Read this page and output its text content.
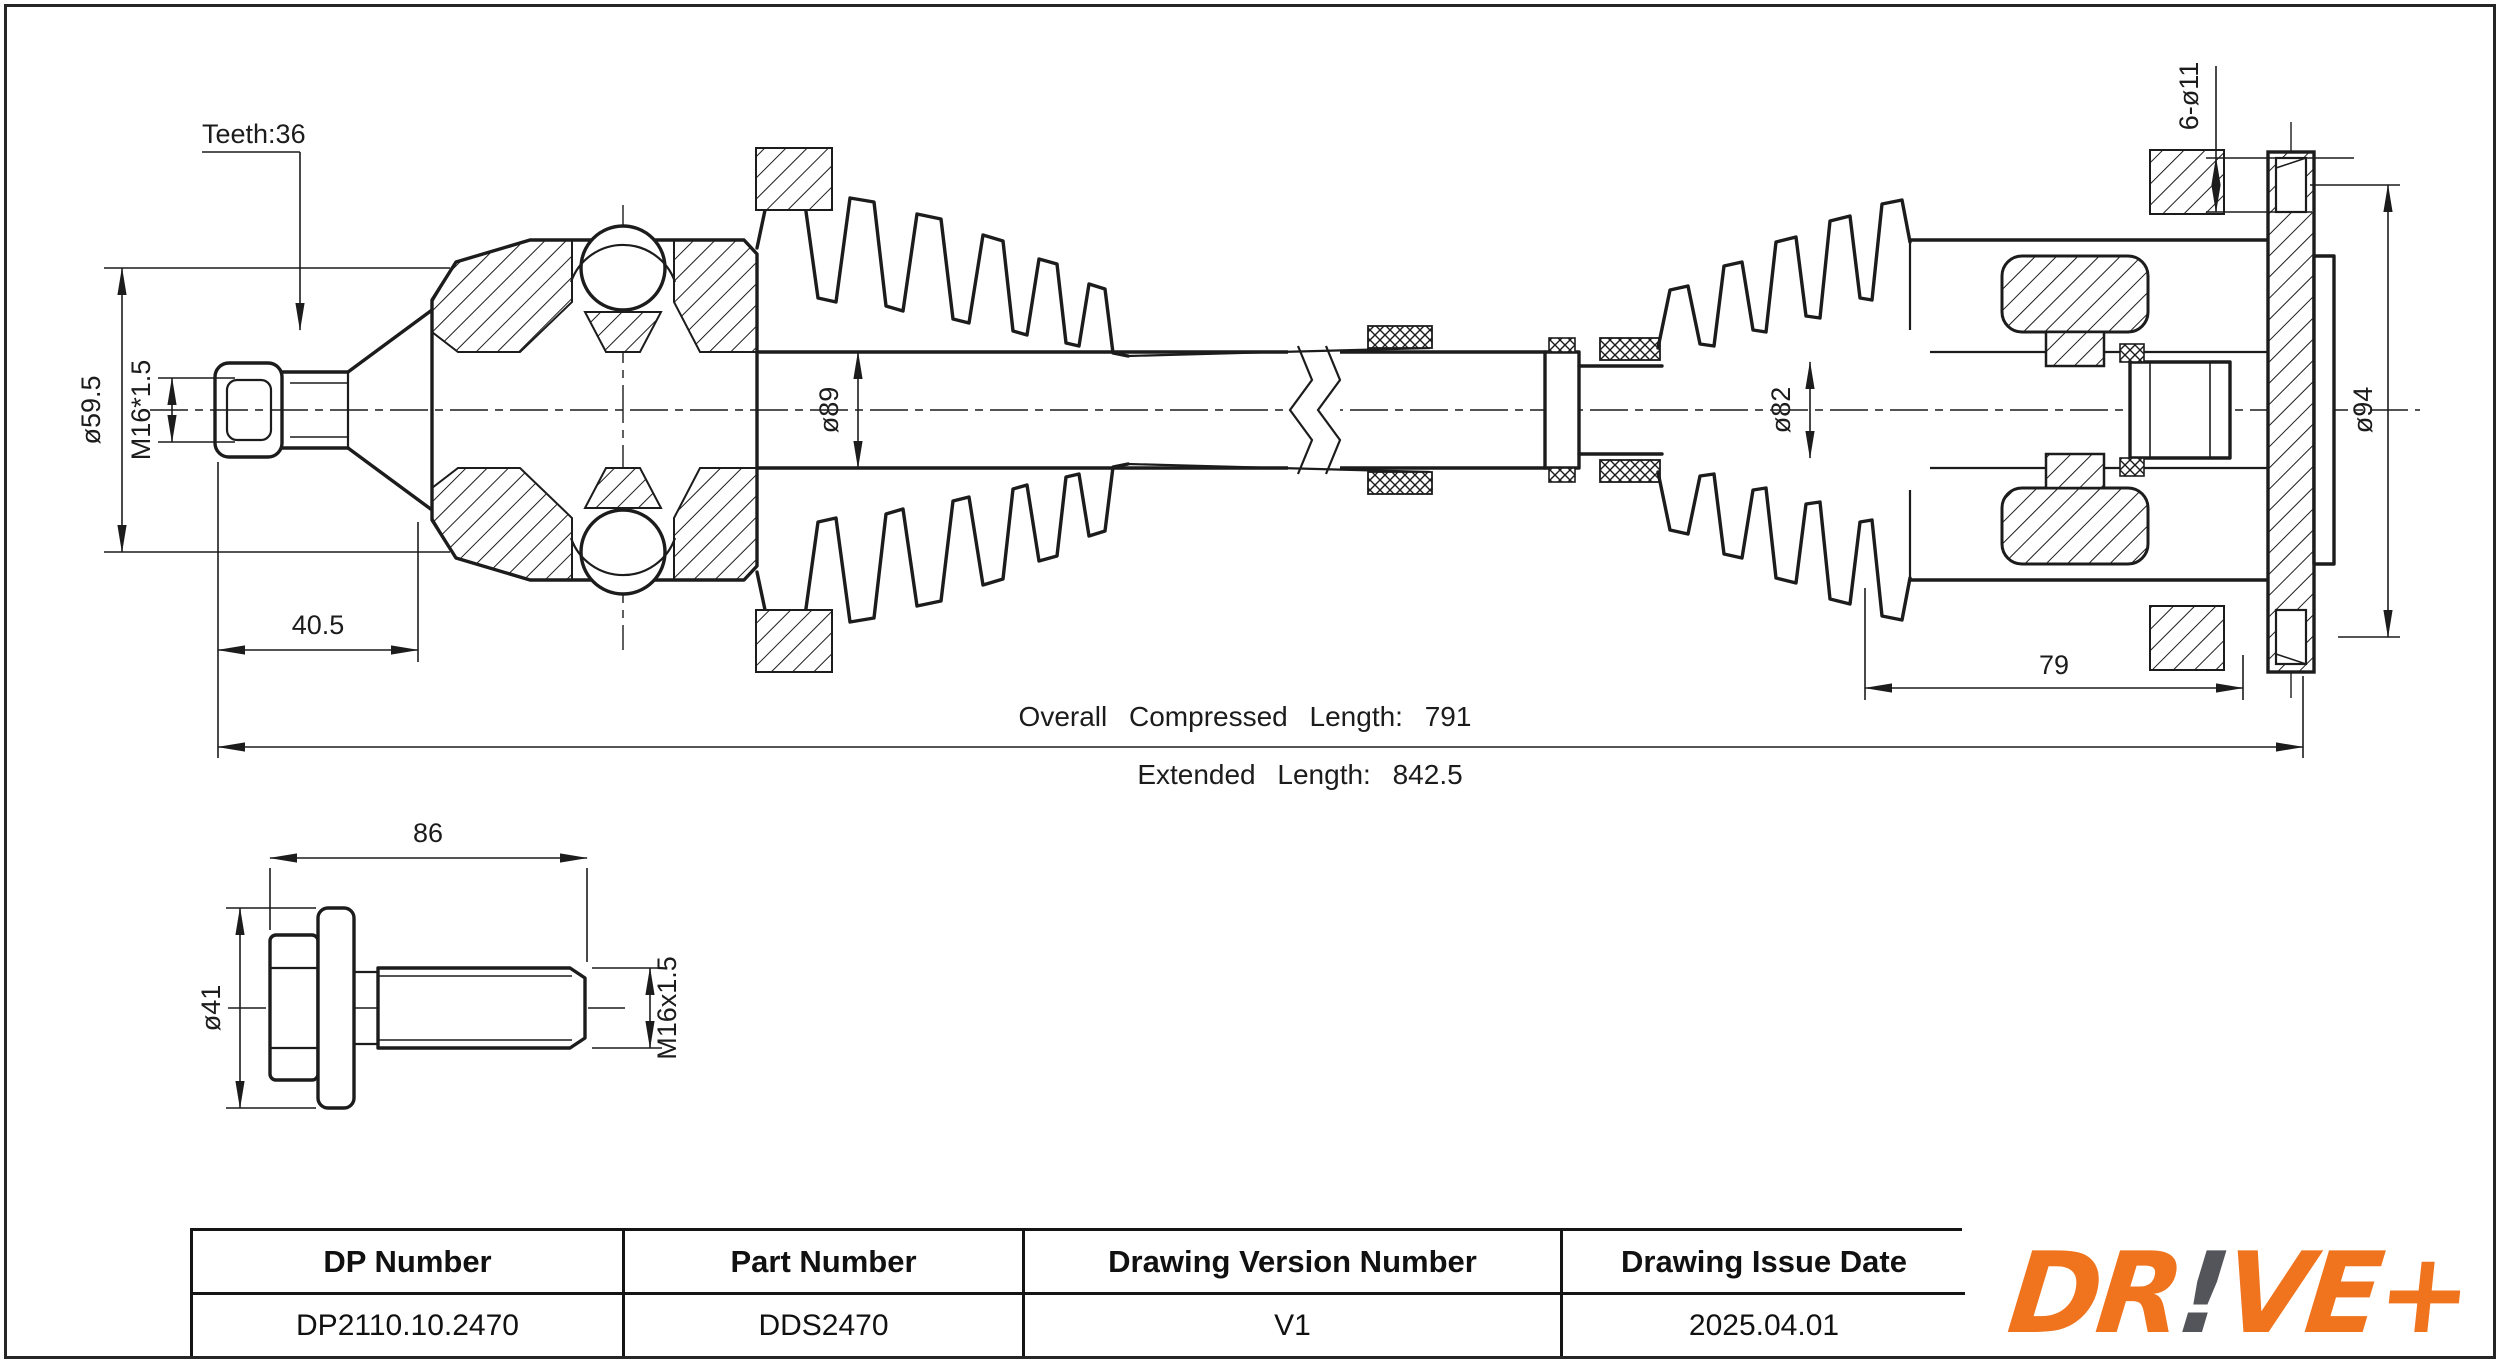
Teeth:36
ø59.5 M16*1.5
40.5
ø89	ø82
6-ø11
ø94
79
Overall Compressed Length: 791
Extended Length: 842.5
86
ø41	M16x1.5
DP Number	Part Number	Drawing Version Number	Drawing Issue Date
DP2110.10.2470	DDS2470	V1	2025.04.01	DR
!
VE+
